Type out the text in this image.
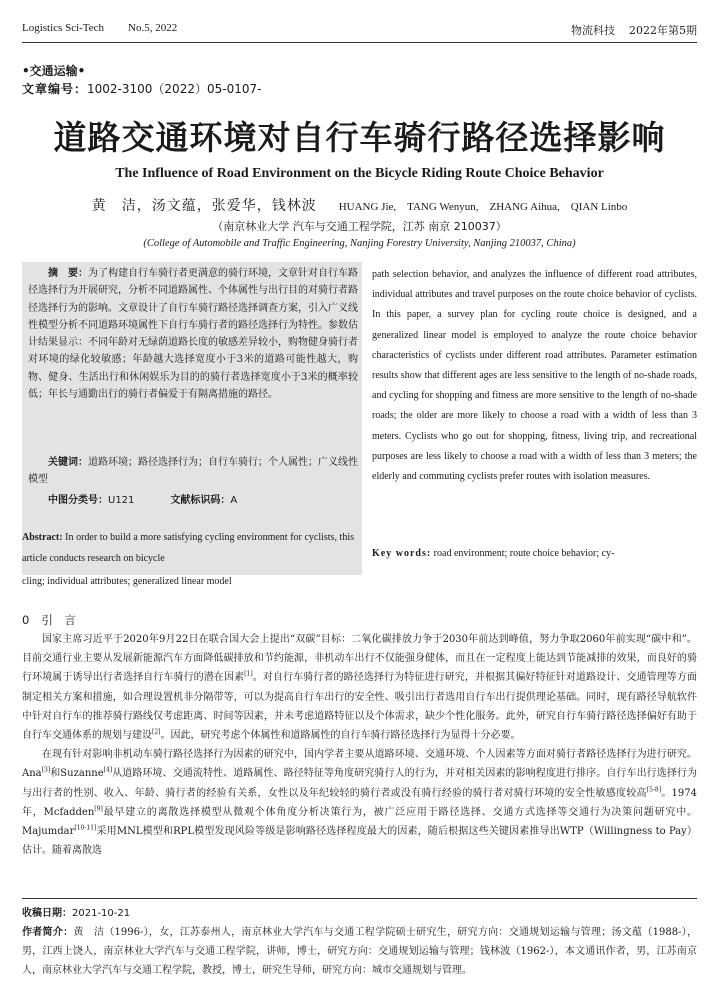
Logistics Sci-Tech No.5, 2022	物流科技 2022年第5期
•交通运输•
文章编号：1002-3100（2022）05-0107-
道路交通环境对自行车骑行路径选择影响
The Influence of Road Environment on the Bicycle Riding Route Choice Behavior
黄　洁，汤文蕴，张爱华，钱林波 HUANG Jie,　TANG Wenyun,　ZHANG Aihua,　QIAN Linbo
（南京林业大学 汽车与交通工程学院，江苏 南京 210037）
(College of Automobile and Traffic Engineering, Nanjing Forestry University, Nanjing 210037, China)
摘　要：为了构建自行车骑行者更满意的骑行环境，文章针对自行车路径选择行为开展研究，分析不同道路属性、个体属性与出行目的对骑行者路径选择行为的影响。文章设计了自行车骑行路径选择调查方案，引入广义线性模型分析不同道路环境属性下自行车骑行者的路径选择行为特性。参数估计结果显示：不同年龄对无绿荫道路长度的敏感差异较小，购物健身骑行者对环境的绿化较敏感；年龄越大选择宽度小于3米的道路可能性越大，购物、健身、生活出行和休闲娱乐为目的的骑行者选择宽度小于3米的概率较低；年长与通勤出行的骑行者偏爱于有隔离措施的路径。
关键词：道路环境；路径选择行为；自行车骑行；个人属性；广义线性模型
中图分类号：U121	文献标识码：A
Abstract: In order to build a more satisfying cycling environment for cyclists, this article conducts research on bicycle
path selection behavior, and analyzes the influence of different road attributes, individual attributes and travel purposes on the route choice behavior of cyclists. In this paper, a survey plan for cycling route choice is designed, and a generalized linear model is employed to analyze the route choice behavior characteristics of cyclists under different road attributes. Parameter estimation results show that different ages are less sensitive to the length of no-shade roads, and cycling for shopping and fitness are more sensitive to the length of no-shade roads; the older are more likely to choose a road with a width of less than 3 meters. Cyclists who go out for shopping, fitness, living trip, and recreational purposes are less likely to choose a road with a width of less than 3 meters; the elderly and commuting cyclists prefer routes with isolation measures.
Key words: road environment; route choice behavior; cy-
cling; individual attributes; generalized linear model
0 引　言

国家主席习近平于2020年9月22日在联合国大会上提出“双碳”目标：二氧化碳排放力争于2030年前达到峰值，努力争取2060年前实现“碳中和”。目前交通行业主要从发展新能源汽车方面降低碳排放和节约能源，非机动车出行不仅能强身健体，而且在一定程度上能达到节能减排的效果，而良好的骑行环境属于诱导出行者选择自行车骑行的潜在因素[1]。对自行车骑行者的路径选择行为特征进行研究，并根据其偏好特征针对道路设计、交通管理等方面制定相关方案和措施，如合理设置机非分隔带等，可以为提高自行车出行的安全性、吸引出行者选用自行车出行提供理论基础。同时，现有路径导航软件中针对自行车的推荐骑行路线仅考虑距离、时间等因素，并未考虑道路特征以及个体需求，缺少个性化服务。此外，研究自行车骑行路径选择偏好有助于自行车交通体系的规划与建设[2]。因此，研究考虑个体属性和道路属性的自行车骑行路径选择行为显得十分必要。

在现有针对影响非机动车骑行路径选择行为因素的研究中，国内学者主要从道路环境、交通环境、个人因素等方面对骑行者路径选择行为进行研究。Ana[3]和Suzanne[4]从道路环境、交通流特性、道路属性、路径特征等角度研究骑行人的行为，并对相关因素的影响程度进行排序。自行车出行选择行为与出行者的性别、收入、年龄、骑行者的经验有关系，女性以及年纪较轻的骑行者或没有骑行经验的骑行者对骑行环境的安全性敏感度较高[5-8]。1974年，Mcfadden[9]最早建立的离散选择模型从微观个体角度分析决策行为，被广泛应用于路径选择、交通方式选择等交通行为决策问题研究中。Majumdar[10-11]采用MNL模型和RPL模型发现风险等级是影响路径选择程度最大的因素，随后根据这些关键因素推导出WTP（Willingness to Pay）估计。随着离散选

收稿日期：2021-10-21
作者简介：黄　洁（1996-），女，江苏泰州人，南京林业大学汽车与交通工程学院硕士研究生，研究方向：交通规划运输与管理；汤文蕴（1988-），男，江西上饶人，南京林业大学汽车与交通工程学院，讲师，博士，研究方向：交通规划运输与管理；钱林波（1962-），本文通讯作者，男，江苏南京人，南京林业大学汽车与交通工程学院，教授，博士，研究生导师，研究方向：城市交通规划与管理。
